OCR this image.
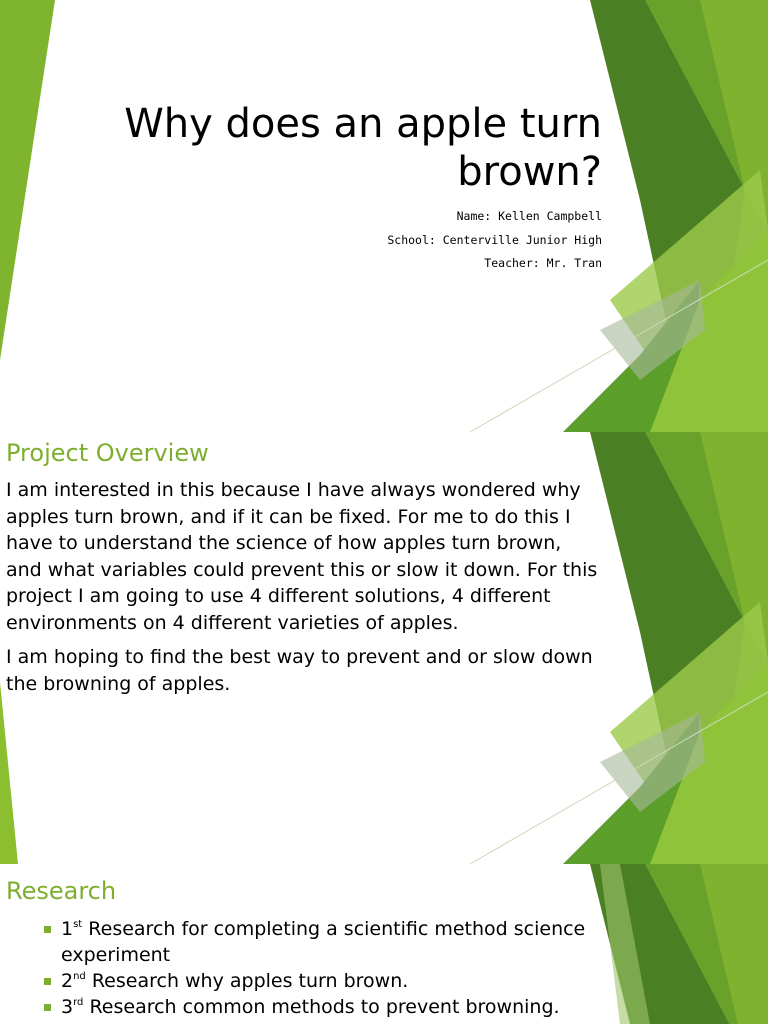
Why does an apple turn brown?
Name: Kellen Campbell
School: Centerville Junior High
Teacher: Mr. Tran
Project Overview

I am interested in this because I have always wondered why apples turn brown, and if it can be fixed. For me to do this I have to understand the science of how apples turn brown, and what variables could prevent this or slow it down. For this project I am going to use 4 different solutions, 4 different environments on 4 different varieties of apples.

I am hoping to find the best way to prevent and or slow down the browning of apples.

Research
1st Research for completing a scientific method science experiment
2nd Research why apples turn brown.
3rd Research common methods to prevent browning.
